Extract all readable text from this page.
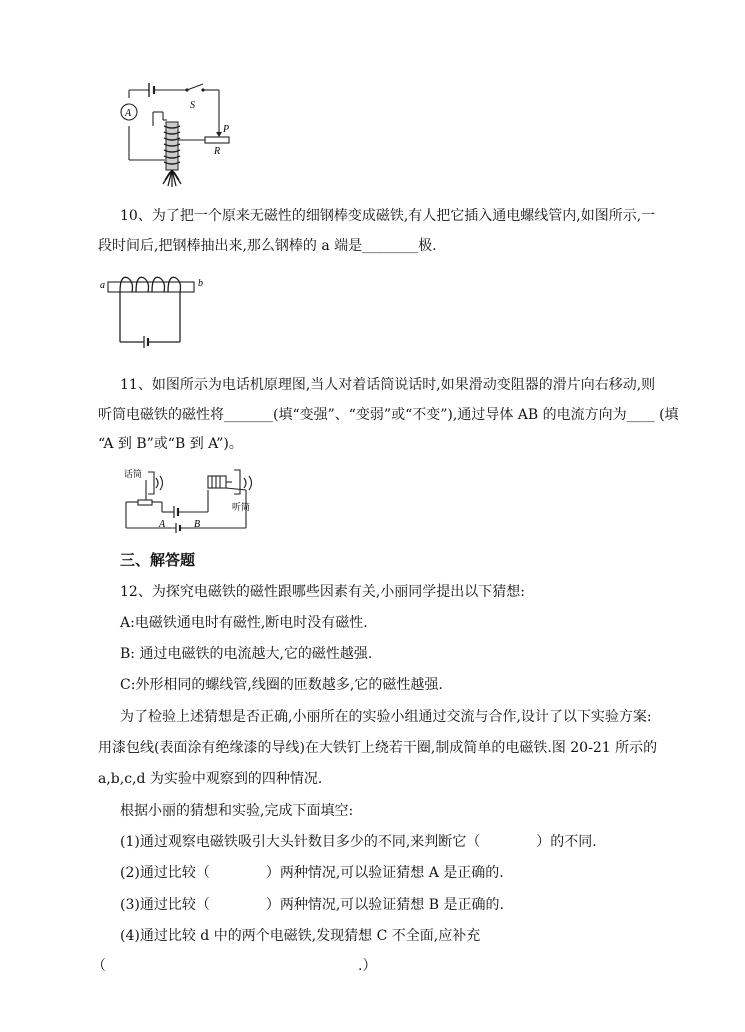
A
S
P
R
10、为了把一个原来无磁性的细钢棒变成磁铁,有人把它插入通电螺线管内,如图所示,一
段时间后,把钢棒抽出来,那么钢棒的 a 端是________极.
a	b
11、如图所示为电话机原理图,当人对着话筒说话时,如果滑动变阻器的滑片向右移动,则
听筒电磁铁的磁性将_______(填“变强”、“变弱”或“不变”),通过导体 AB 的电流方向为____ (填
“A 到 B”或“B 到 A”)。
话筒
听筒
A	B
三、解答题
12、为探究电磁铁的磁性跟哪些因素有关,小丽同学提出以下猜想:
A:电磁铁通电时有磁性,断电时没有磁性.
B: 通过电磁铁的电流越大,它的磁性越强.
C:外形相同的螺线管,线圈的匝数越多,它的磁性越强.
为了检验上述猜想是否正确,小丽所在的实验小组通过交流与合作,设计了以下实验方案:
用漆包线(表面涂有绝缘漆的导线)在大铁钉上绕若干圈,制成简单的电磁铁.图 20-21 所示的
a,b,c,d 为实验中观察到的四种情况.
根据小丽的猜想和实验,完成下面填空:
(1)通过观察电磁铁吸引大头针数目多少的不同,来判断它（　　　　）的不同.
(2)通过比较（　　　　）两种情况,可以验证猜想 A 是正确的.
(3)通过比较（　　　　）两种情况,可以验证猜想 B 是正确的.
(4)通过比较 d 中的两个电磁铁,发现猜想 C 不全面,应补充
（　　　　　　　　　　　　　　　　　　.）
